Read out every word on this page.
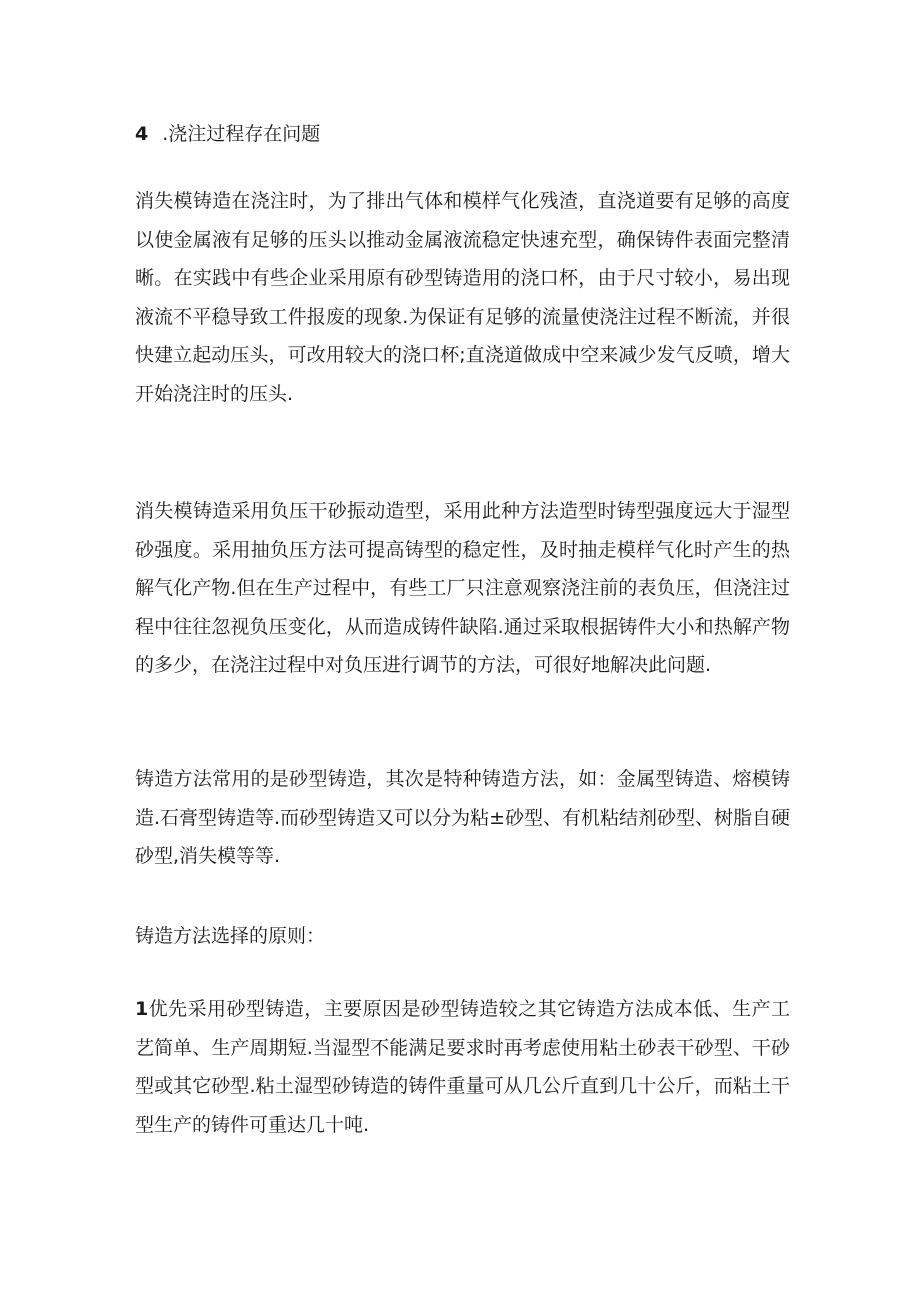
4 .浇注过程存在问题

消失模铸造在浇注时，为了排出气体和模样气化残渣，直浇道要有足够的高度以使金属液有足够的压头以推动金属液流稳定快速充型，确保铸件表面完整清晰。在实践中有些企业采用原有砂型铸造用的浇口杯，由于尺寸较小，易出现液流不平稳导致工件报废的现象.为保证有足够的流量使浇注过程不断流，并很快建立起动压头，可改用较大的浇口杯;直浇道做成中空来减少发气反喷，增大开始浇注时的压头.

消失模铸造采用负压干砂振动造型，采用此种方法造型时铸型强度远大于湿型砂强度。采用抽负压方法可提高铸型的稳定性，及时抽走模样气化时产生的热解气化产物.但在生产过程中，有些工厂只注意观察浇注前的表负压，但浇注过程中往往忽视负压变化，从而造成铸件缺陷.通过采取根据铸件大小和热解产物的多少，在浇注过程中对负压进行调节的方法，可很好地解决此问题.

铸造方法常用的是砂型铸造，其次是特种铸造方法，如：金属型铸造、熔模铸造.石膏型铸造等.而砂型铸造又可以分为粘±砂型、有机粘结剂砂型、树脂自硬砂型,消失模等等.

铸造方法选择的原则：

1优先采用砂型铸造，主要原因是砂型铸造较之其它铸造方法成本低、生产工艺简单、生产周期短.当湿型不能满足要求时再考虑使用粘土砂表干砂型、干砂型或其它砂型.粘土湿型砂铸造的铸件重量可从几公斤直到几十公斤，而粘土干型生产的铸件可重达几十吨.
